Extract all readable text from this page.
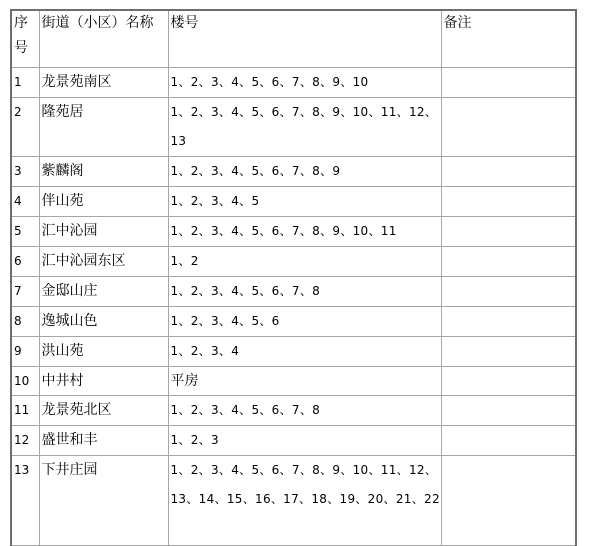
序号	街道（小区）名称	楼号	备注

1	龙景苑南区	1、2、3、4、5、6、7、8、9、10	

2	隆苑居	1、2、3、4、5、6、7、8、9、10、11、12、13	

3	紫麟阁	1、2、3、4、5、6、7、8、9	

4	伴山苑	1、2、3、4、5	

5	汇中沁园	1、2、3、4、5、6、7、8、9、10、11	

6	汇中沁园东区	1、2	

7	金邸山庄	1、2、3、4、5、6、7、8	

8	逸城山色	1、2、3、4、5、6	

9	洪山苑	1、2、3、4	

10	中井村	平房	

11	龙景苑北区	1、2、3、4、5、6、7、8	

12	盛世和丰	1、2、3	

13	下井庄园	1、2、3、4、5、6、7、8、9、10、11、12、13、14、15、16、17、18、19、20、21、22	
